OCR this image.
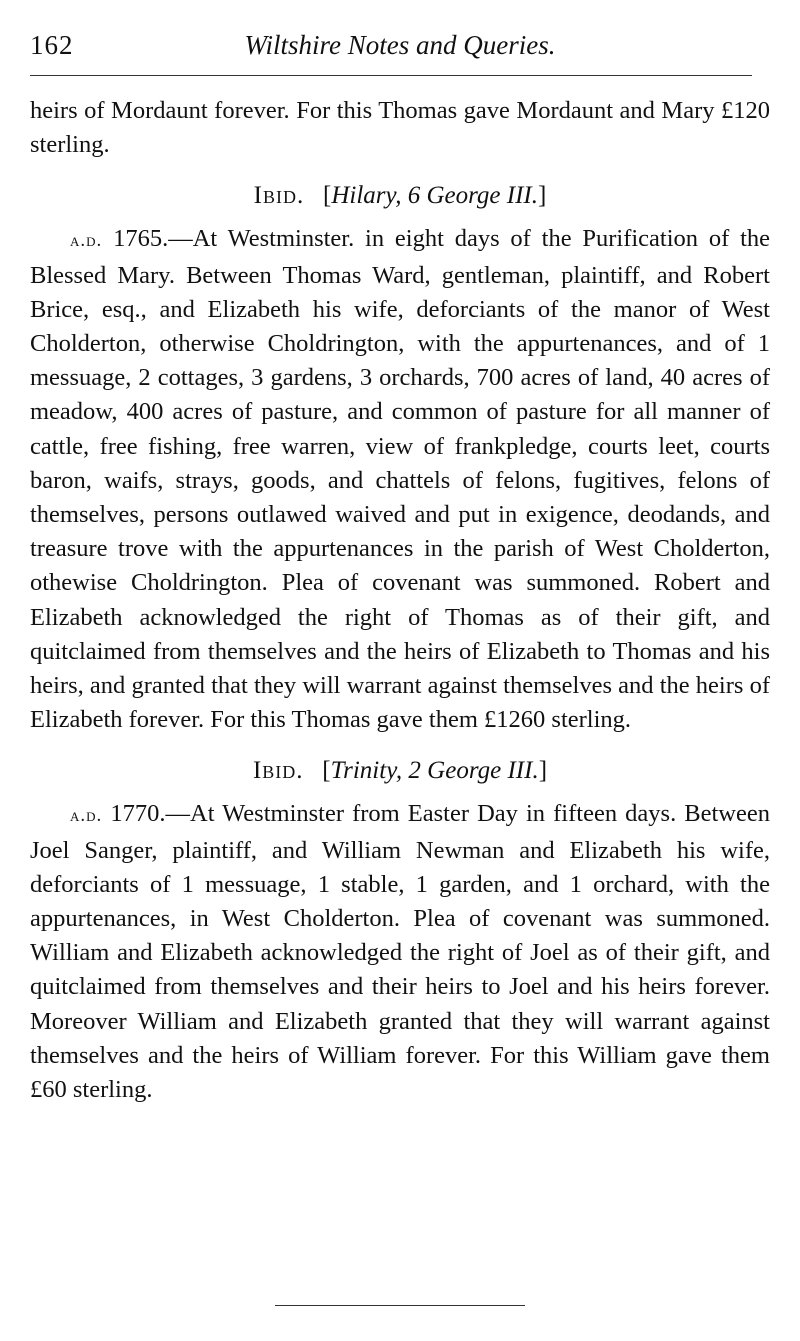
162	Wiltshire Notes and Queries.

heirs of Mordaunt forever. For this Thomas gave Mordaunt and Mary £120 sterling.

Ibid. [Hilary, 6 George III.]

a.d. 1765.—At Westminster. in eight days of the Purification of the Blessed Mary. Between Thomas Ward, gentleman, plaintiff, and Robert Brice, esq., and Elizabeth his wife, deforciants of the manor of West Cholderton, otherwise Choldrington, with the appurtenances, and of 1 messuage, 2 cottages, 3 gardens, 3 orchards, 700 acres of land, 40 acres of meadow, 400 acres of pasture, and common of pasture for all manner of cattle, free fishing, free warren, view of frankpledge, courts leet, courts baron, waifs, strays, goods, and chattels of felons, fugitives, felons of themselves, persons outlawed waived and put in exigence, deodands, and treasure trove with the appurtenances in the parish of West Cholderton, othewise Choldrington. Plea of covenant was summoned. Robert and Elizabeth acknowledged the right of Thomas as of their gift, and quitclaimed from themselves and the heirs of Elizabeth to Thomas and his heirs, and granted that they will warrant against themselves and the heirs of Elizabeth forever. For this Thomas gave them £1260 sterling.

Ibid. [Trinity, 2 George III.]

a.d. 1770.—At Westminster from Easter Day in fifteen days. Between Joel Sanger, plaintiff, and William Newman and Elizabeth his wife, deforciants of 1 messuage, 1 stable, 1 garden, and 1 orchard, with the appurtenances, in West Cholderton. Plea of covenant was summoned. William and Elizabeth acknowledged the right of Joel as of their gift, and quitclaimed from themselves and their heirs to Joel and his heirs forever. Moreover William and Elizabeth granted that they will warrant against themselves and the heirs of William forever. For this William gave them £60 sterling.
